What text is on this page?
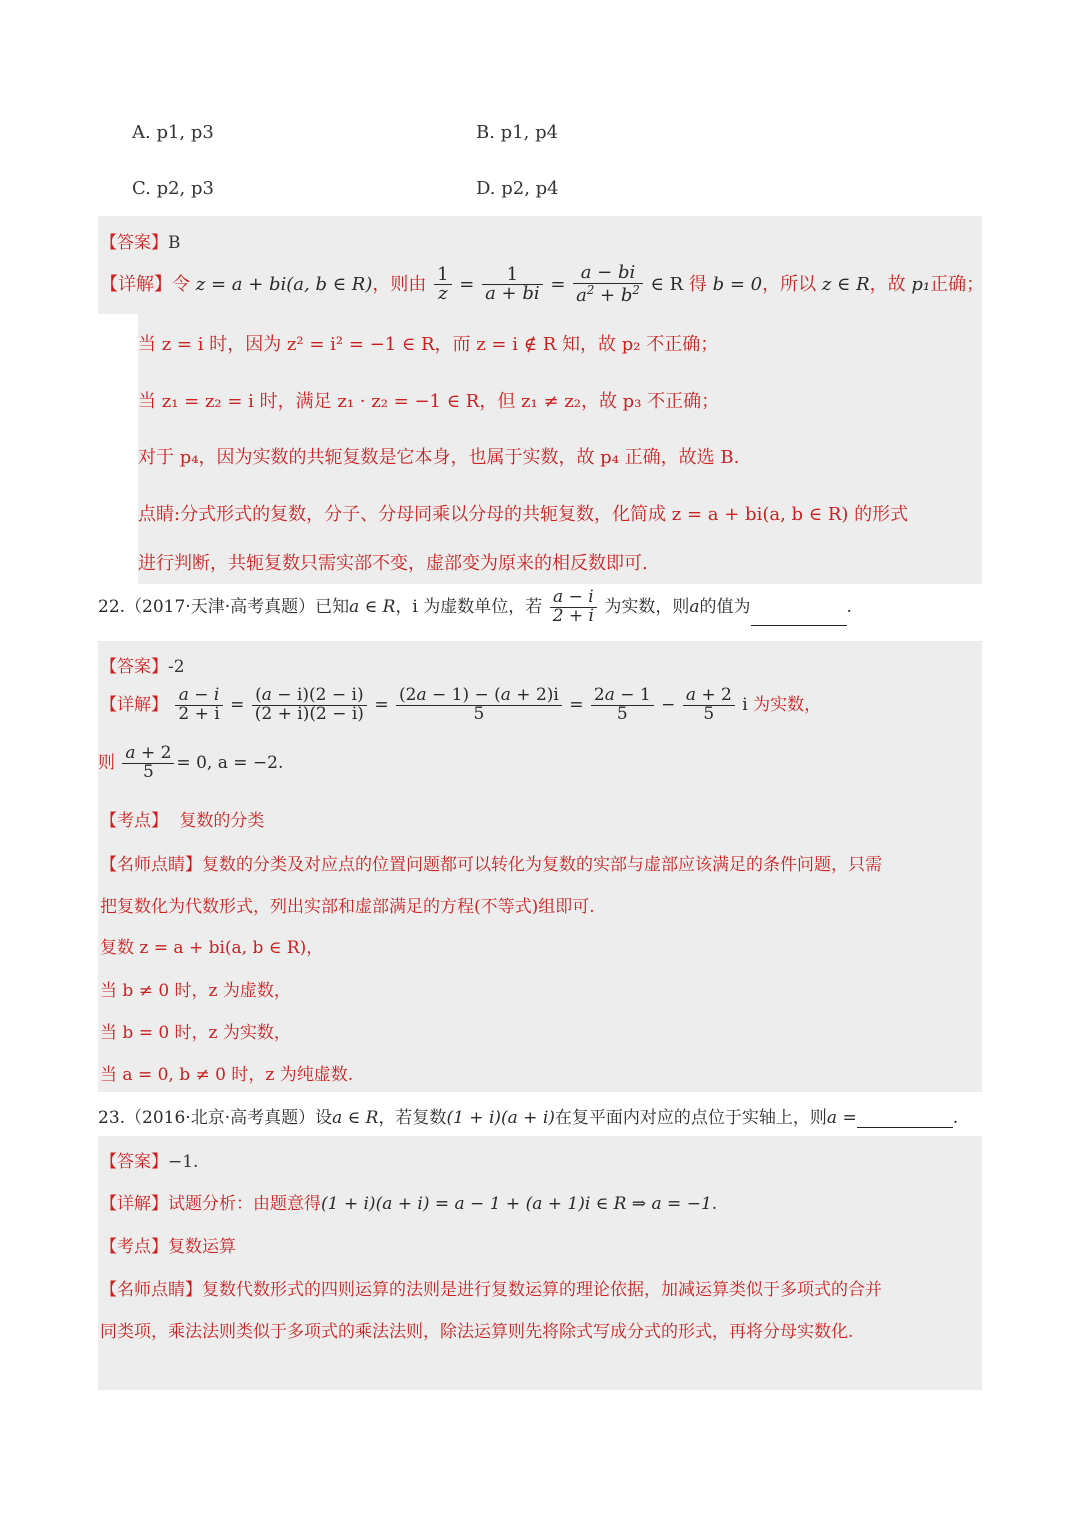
A. p1, p3	B. p1, p4
C. p2, p3	D. p2, p4
【答案】B
【详解】令 z = a + bi(a, b ∈ R)，则由 $\frac{1}{z} = \frac{1}{a + bi} = \frac{a - bi}{a^2 + b^2}$ ∈ R 得 b = 0，所以 z ∈ R，故 p₁正确；
当 z = i 时，因为 z² = i² = −1 ∈ R，而 z = i ∉ R 知，故 p₂ 不正确；
当 z₁ = z₂ = i 时，满足 z₁ · z₂ = −1 ∈ R，但 z₁ ≠ z₂，故 p₃ 不正确；
对于 p₄，因为实数的共轭复数是它本身，也属于实数，故 p₄ 正确，故选 B.
点睛:分式形式的复数，分子、分母同乘以分母的共轭复数，化简成 z = a + bi(a, b ∈ R) 的形式
进行判断，共轭复数只需实部不变，虚部变为原来的相反数即可.
22.（2017·天津·高考真题）已知a ∈ R，i 为虚数单位，若 $\frac{a - i}{2 + i}$ 为实数，则a的值为	.
【答案】-2
【详解】 $\frac{a - i}{2 + i} = \frac{(a - i)(2 - i)}{(2 + i)(2 - i)} = \frac{(2a - 1) - (a + 2)i}{5} = \frac{2a - 1}{5} - \frac{a + 2}{5}$ i 为实数，
则 $\frac{a + 2}{5} = 0$, a = −2.
【考点】 复数的分类
【名师点睛】复数的分类及对应点的位置问题都可以转化为复数的实部与虚部应该满足的条件问题，只需
把复数化为代数形式，列出实部和虚部满足的方程(不等式)组即可.
复数 z = a + bi(a, b ∈ R)，
当 b ≠ 0 时，z 为虚数，
当 b = 0 时，z 为实数，
当 a = 0, b ≠ 0 时，z 为纯虚数.
23.（2016·北京·高考真题）设a ∈ R，若复数(1 + i)(a + i)在复平面内对应的点位于实轴上，则a =	.
【答案】−1.
【详解】试题分析：由题意得(1 + i)(a + i) = a − 1 + (a + 1)i ∈ R ⇒ a = −1.
【考点】复数运算
【名师点睛】复数代数形式的四则运算的法则是进行复数运算的理论依据，加减运算类似于多项式的合并
同类项，乘法法则类似于多项式的乘法法则，除法运算则先将除式写成分式的形式，再将分母实数化.
